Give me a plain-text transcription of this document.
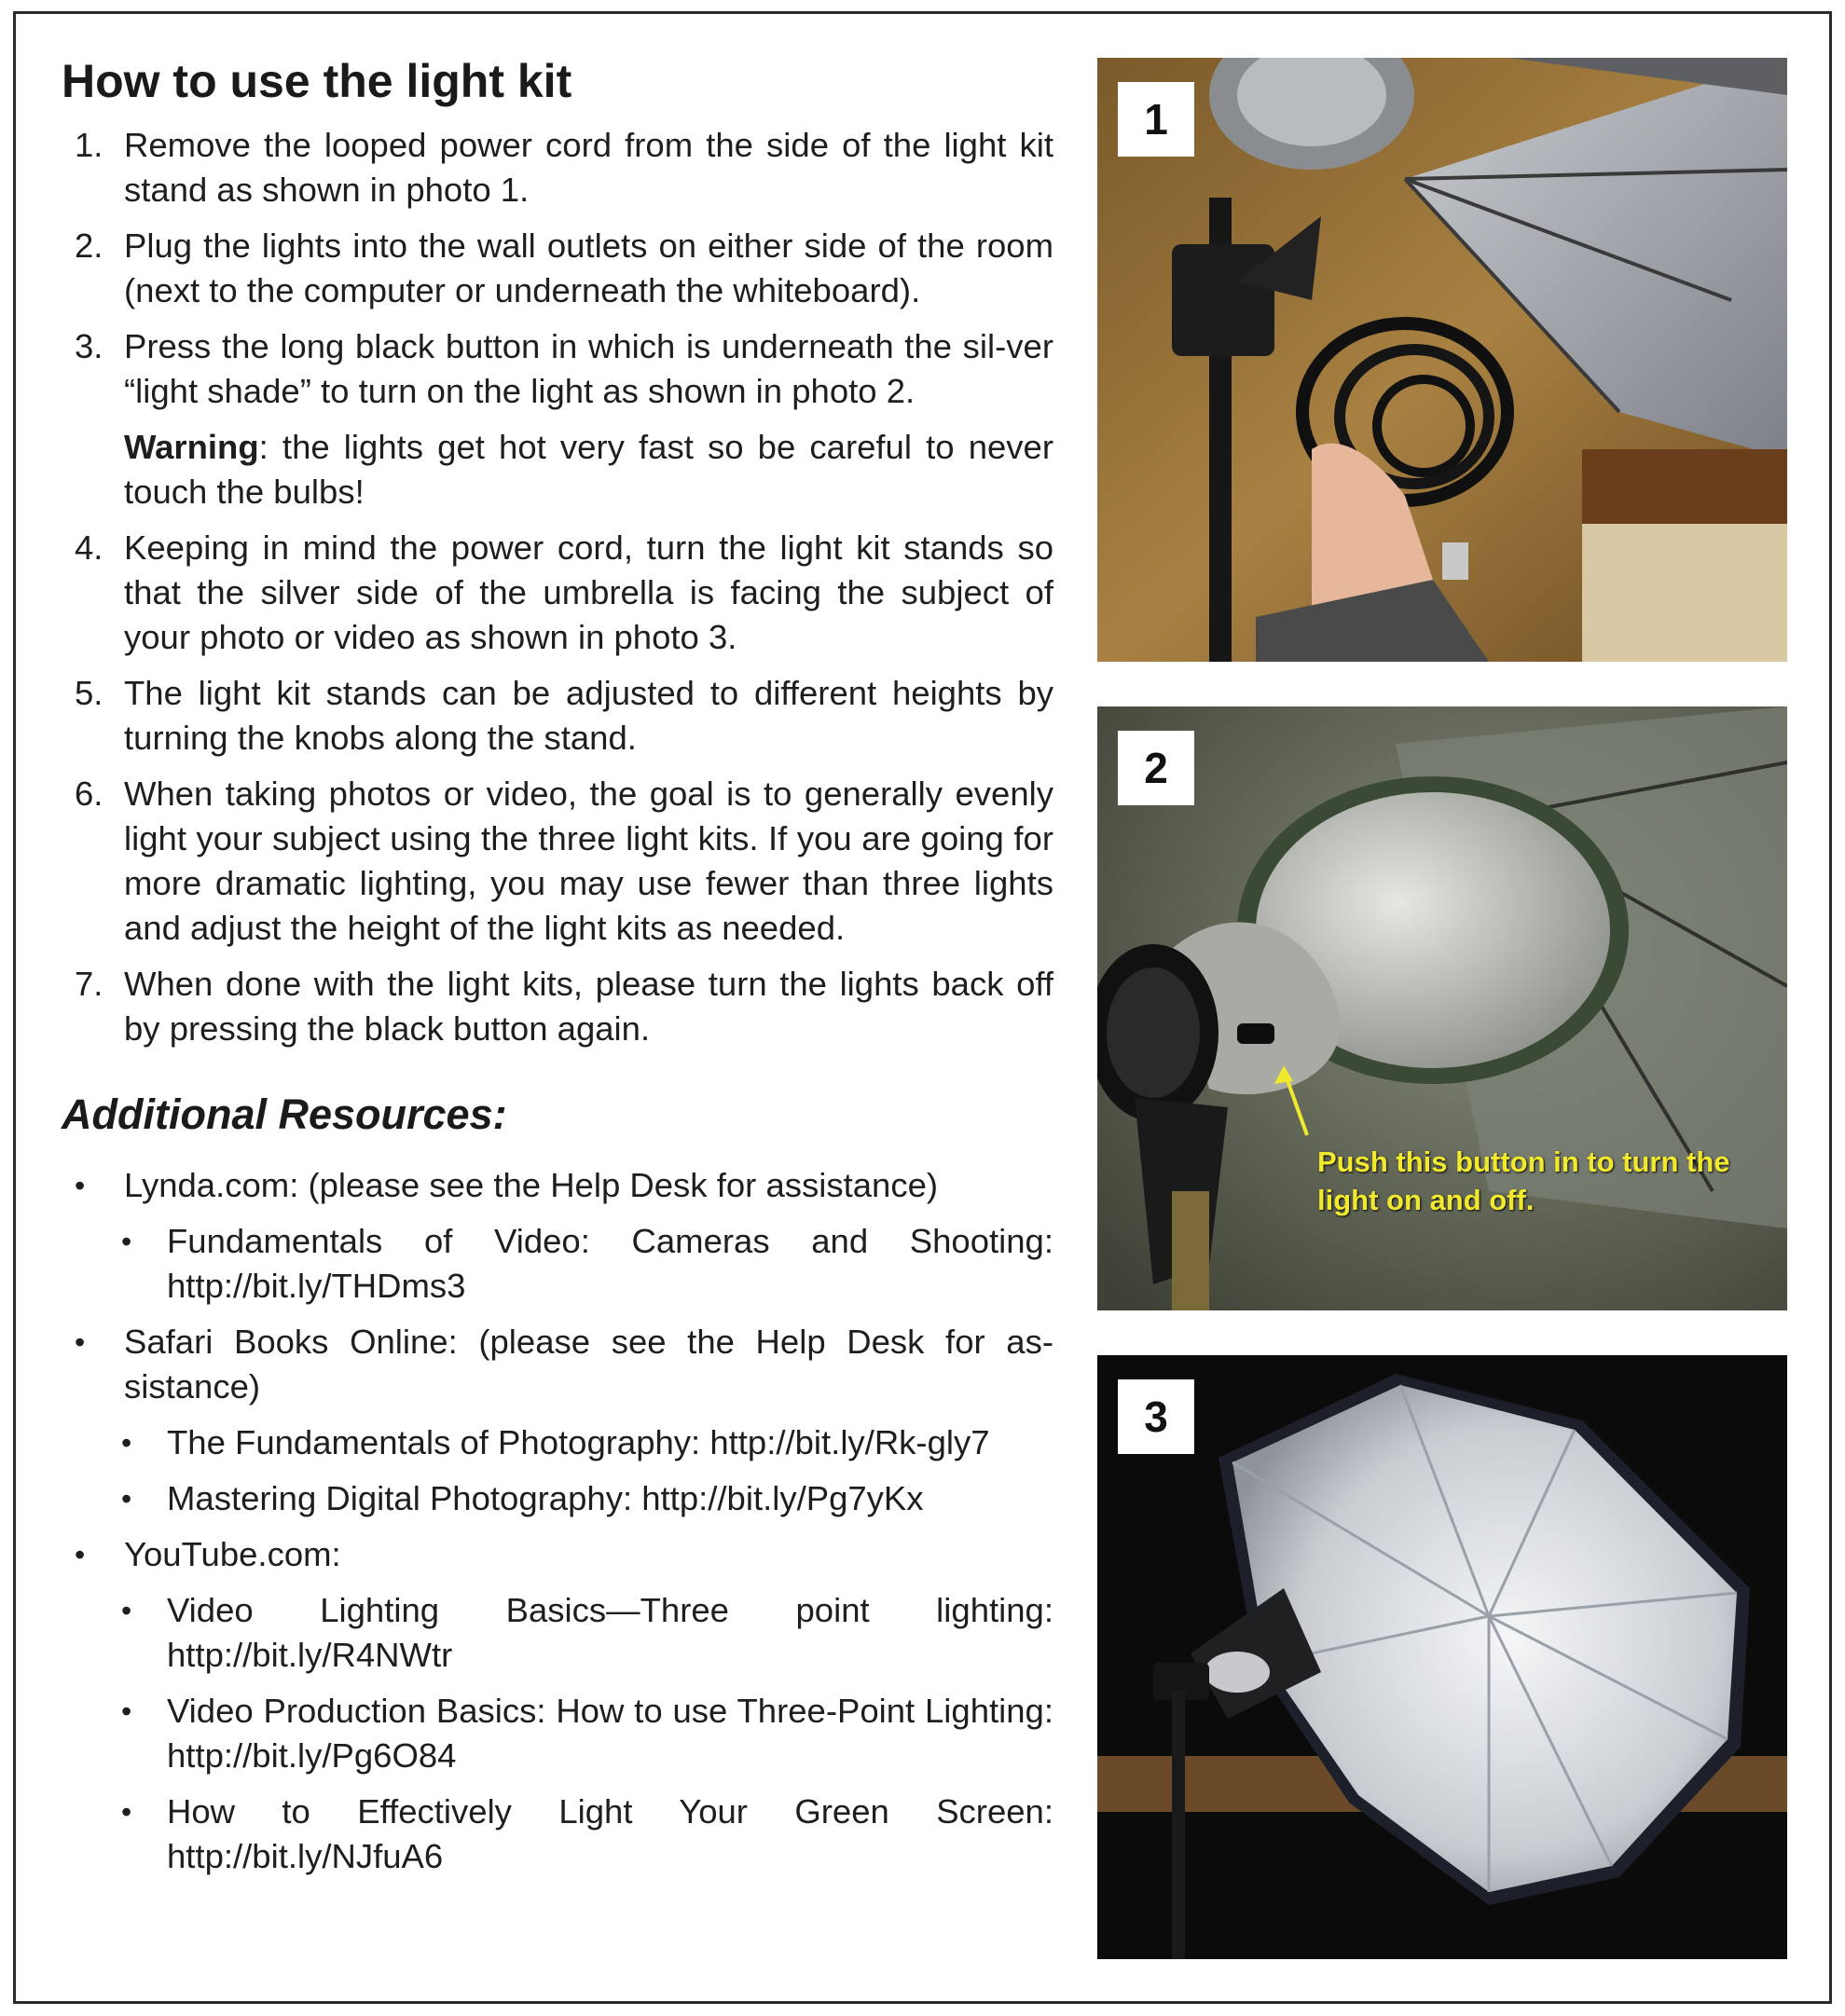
How to use the light kit
1. Remove the looped power cord from the side of the light kit stand as shown in photo 1.

2. Plug the lights into the wall outlets on either side of the room (next to the computer or underneath the whiteboard).

3. Press the long black button in which is underneath the sil-ver “light shade” to turn on the light as shown in photo 2.

Warning: the lights get hot very fast so be careful to never touch the bulbs!

4. Keeping in mind the power cord, turn the light kit stands so that the silver side of the umbrella is facing the subject of your photo or video as shown in photo 3.

5. The light kit stands can be adjusted to different heights by turning the knobs along the stand.

6. When taking photos or video, the goal is to generally evenly light your subject using the three light kits. If you are going for more dramatic lighting, you may use fewer than three lights and adjust the height of the light kits as needed.

7. When done with the light kits, please turn the lights back off by pressing the black button again.

Additional Resources:
• Lynda.com: (please see the Help Desk for assistance)
• Fundamentals of Video: Cameras and Shooting: http://bit.ly/THDms3
• Safari Books Online: (please see the Help Desk for as-sistance)
• The Fundamentals of Photography: http://bit.ly/Rk-gly7
• Mastering Digital Photography: http://bit.ly/Pg7yKx
• YouTube.com:
• Video Lighting Basics—Three point lighting: http://bit.ly/R4NWtr
• Video Production Basics: How to use Three-Point Lighting: http://bit.ly/Pg6O84
• How to Effectively Light Your Green Screen: http://bit.ly/NJfuA6
1
2
Push this button in to turn the light on and off.
3
